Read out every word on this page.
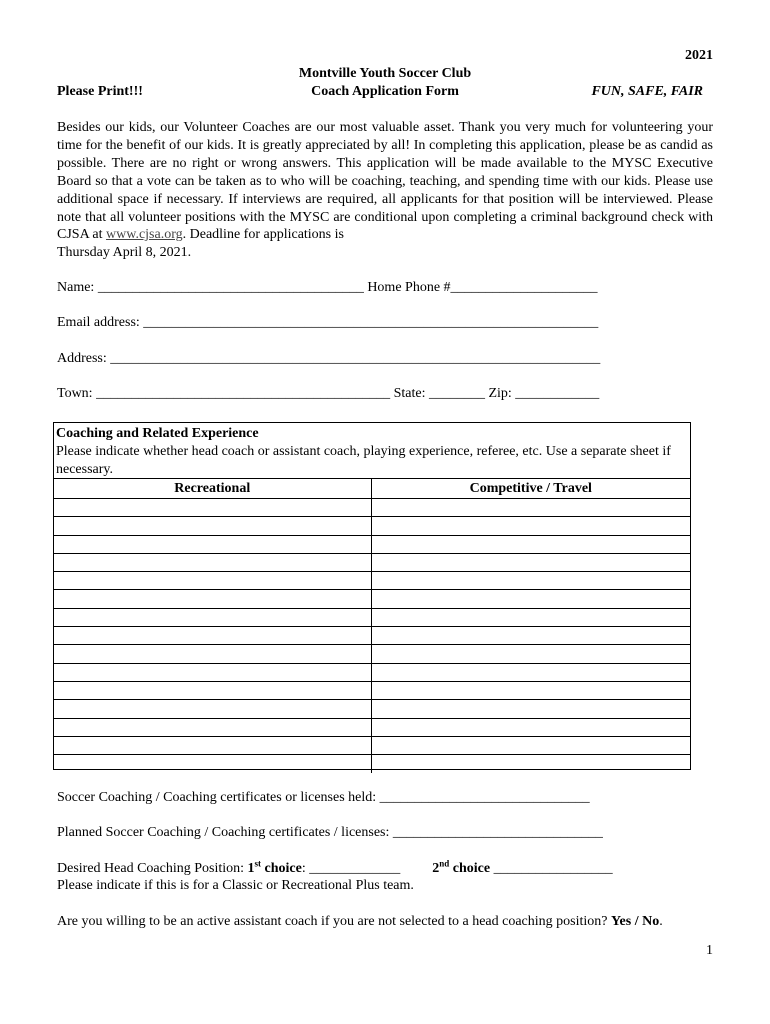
2021
Montville Youth Soccer Club
Please Print!!!	Coach Application Form	FUN, SAFE, FAIR
Besides our kids, our Volunteer Coaches are our most valuable asset. Thank you very much for volunteering your time for the benefit of our kids. It is greatly appreciated by all! In completing this application, please be as candid as possible. There are no right or wrong answers. This application will be made available to the MYSC Executive Board so that a vote can be taken as to who will be coaching, teaching, and spending time with our kids. Please use additional space if necessary. If interviews are required, all applicants for that position will be interviewed. Please note that all volunteer positions with the MYSC are conditional upon completing a criminal background check with CJSA at www.cjsa.org. Deadline for applications is
Thursday April 8, 2021.
Name: ______________________________________ Home Phone #_____________________
Email address: _________________________________________________________________
Address: ______________________________________________________________________
Town: __________________________________________ State: ________ Zip: ____________
Coaching and Related Experience
Please indicate whether head coach or assistant coach, playing experience, referee, etc. Use a separate sheet if necessary.
Recreational	Competitive / Travel

Soccer Coaching / Coaching certificates or licenses held: ______________________________
Planned Soccer Coaching / Coaching certificates / licenses: ______________________________
Desired Head Coaching Position: 1st choice: _____________ 2nd choice _________________
Please indicate if this is for a Classic or Recreational Plus team.
Are you willing to be an active assistant coach if you are not selected to a head coaching position? Yes / No.
1
